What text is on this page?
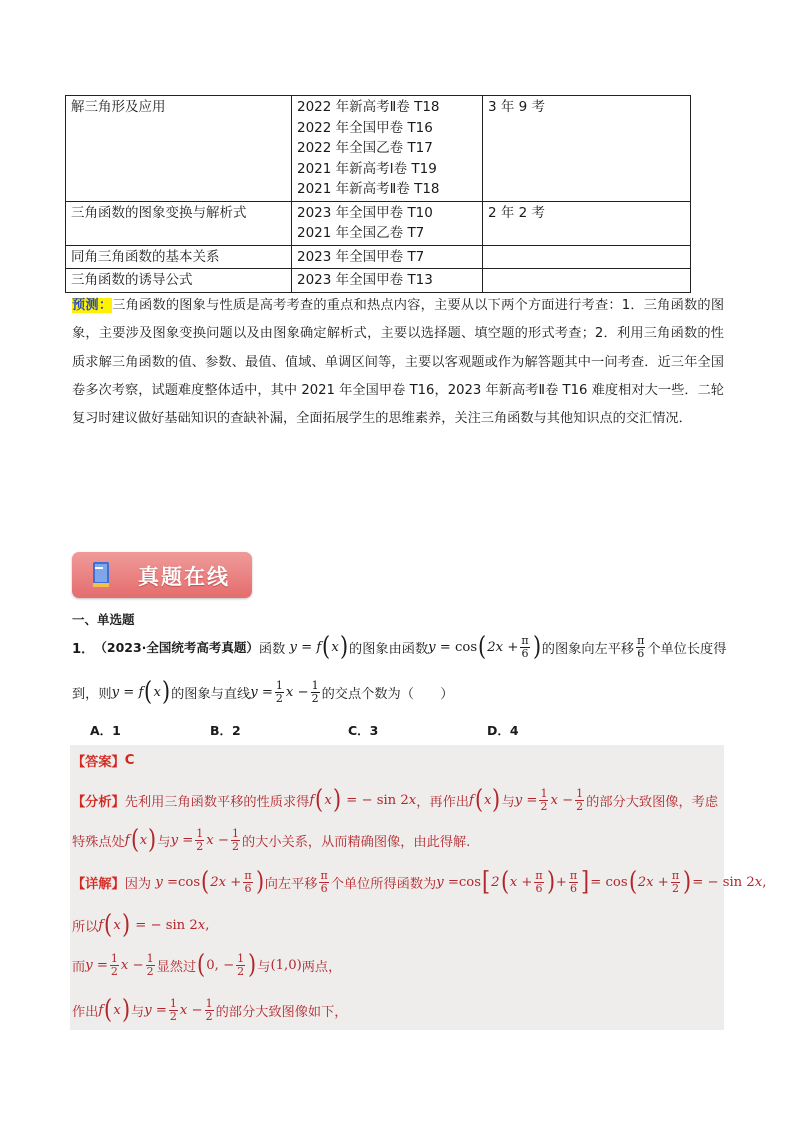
解三角形及应用	2022 年新高考Ⅱ卷 T18
2022 年全国甲卷 T16
2022 年全国乙卷 T17
2021 年新高考Ⅰ卷 T19
2021 年新高考Ⅱ卷 T18	3 年 9 考
三角函数的图象变换与解析式	2023 年全国甲卷 T10
2021 年全国乙卷 T7	2 年 2 考
同角三角函数的基本关系	2023 年全国甲卷 T7	

三角函数的诱导公式	2023 年全国甲卷 T13	

预测：三角函数的图象与性质是高考考查的重点和热点内容，主要从以下两个方面进行考查：1．三角函数的图象，主要涉及图象变换问题以及由图象确定解析式，主要以选择题、填空题的形式考查；2．利用三角函数的性质求解三角函数的值、参数、最值、值域、单调区间等，主要以客观题或作为解答题其中一问考查．近三年全国卷多次考察，试题难度整体适中，其中 2021 年全国甲卷 T16，2023 年新高考Ⅱ卷 T16 难度相对大一些．二轮复习时建议做好基础知识的查缺补漏，全面拓展学生的思维素养，关注三角函数与其他知识点的交汇情况．
真题在线
一、单选题
1． （2023·全国统考高考真题） 函数 y = f ( x ) 的图象由函数 y = cos ( $2x + \frac{\pi}{6}$ ) 的图象向左平移 $\frac{\pi}{6}$ 个单位长度得
到，则 y = f ( x ) 的图象与直线 $y = \frac{1}{2}$ $x - \frac{1}{2}$ 的交点个数为（　　）
A．1	B．2	C．3	D．4
【答案】 C
【分析】 先利用三角函数平移的性质求得 f ( x ) = − sin 2 x ，再作出 f ( x ) 与 $y = \frac{1}{2}$ $x - \frac{1}{2}$ 的部分大致图像，考虑
特殊点处 f ( x ) 与 $y = \frac{1}{2}$ $x - \frac{1}{2}$ 的大小关系，从而精确图像，由此得解.
【详解】 因为 y = cos ( $2x + \frac{\pi}{6}$ ) 向左平移 $\frac{\pi}{6}$ 个单位所得函数为 y = cos [ 2 ( $x + \frac{\pi}{6}$ ) + $\frac{\pi}{6}$ ] = cos ( $2x + \frac{\pi}{2}$ ) = − sin 2 x ,
所以 f ( x ) = − sin 2 x ,
而 $y = \frac{1}{2}$ $x - \frac{1}{2}$ 显然过 ( 0, − $\frac{1}{2}$ ) 与 (1,0) 两点，
作出 f ( x ) 与 $y = \frac{1}{2}$ $x - \frac{1}{2}$ 的部分大致图像如下，
